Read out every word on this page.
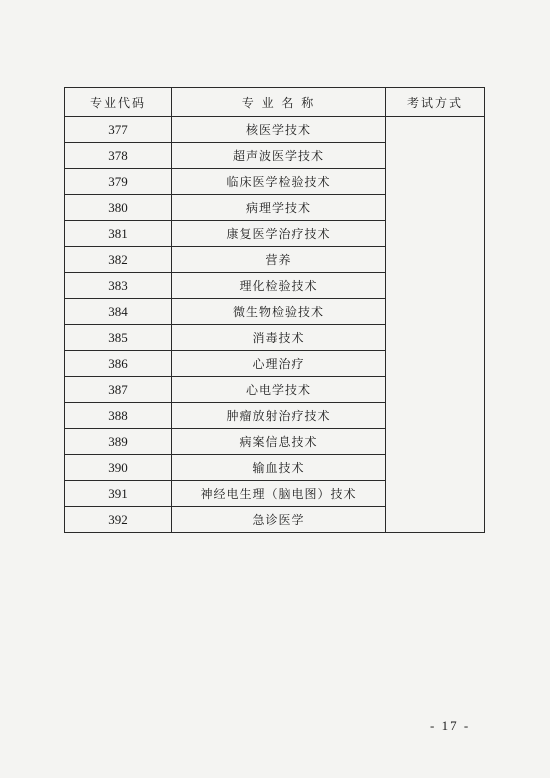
专业代码	专 业 名 称	考试方式
377	核医学技术	
378	超声波医学技术	
379	临床医学检验技术	
380	病理学技术	
381	康复医学治疗技术	
382	营养	
383	理化检验技术	
384	微生物检验技术	
385	消毒技术	
386	心理治疗	
387	心电学技术	
388	肿瘤放射治疗技术	
389	病案信息技术	
390	输血技术	
391	神经电生理（脑电图）技术	
392	急诊医学	
- 17 -
